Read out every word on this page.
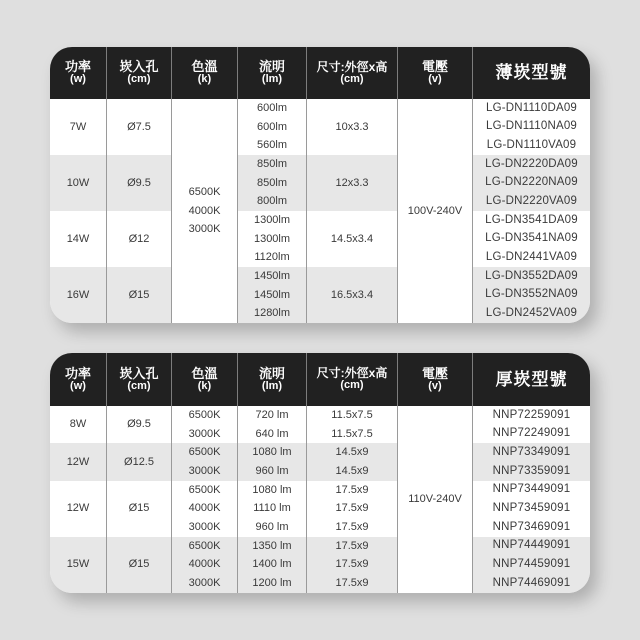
功率
(w)
崁入孔
(cm)
色溫
(k)
流明
(lm)
尺寸:外徑x高
(cm)
電壓
(v)	薄崁型號
7W
10W
14W
16W
Ø7.5
Ø9.5
Ø12
Ø15
6500K
4000K
3000K
600lm
600lm
560lm
850lm
850lm
800lm
1300lm
1300lm
1120lm
1450lm
1450lm
1280lm
10x3.3
12x3.3
14.5x3.4
16.5x3.4
100V-240V
LG-DN1110DA09
LG-DN1110NA09
LG-DN1110VA09
LG-DN2220DA09
LG-DN2220NA09
LG-DN2220VA09
LG-DN3541DA09
LG-DN3541NA09
LG-DN2441VA09
LG-DN3552DA09
LG-DN3552NA09
LG-DN2452VA09
功率
(w)
崁入孔
(cm)
色溫
(k)
流明
(lm)
尺寸:外徑x高
(cm)
電壓
(v)	厚崁型號
8W
12W
12W
15W
Ø9.5
Ø12.5
Ø15
Ø15
6500K
3000K
6500K
3000K
6500K
4000K
3000K
6500K
4000K
3000K
720 lm
640 lm
1080 lm
960 lm
1080 lm
1110 lm
960 lm
1350 lm
1400 lm
1200 lm
11.5x7.5
11.5x7.5
14.5x9
14.5x9
17.5x9
17.5x9
17.5x9
17.5x9
17.5x9
17.5x9
110V-240V
NNP72259091
NNP72249091
NNP73349091
NNP73359091
NNP73449091
NNP73459091
NNP73469091
NNP74449091
NNP74459091
NNP74469091
